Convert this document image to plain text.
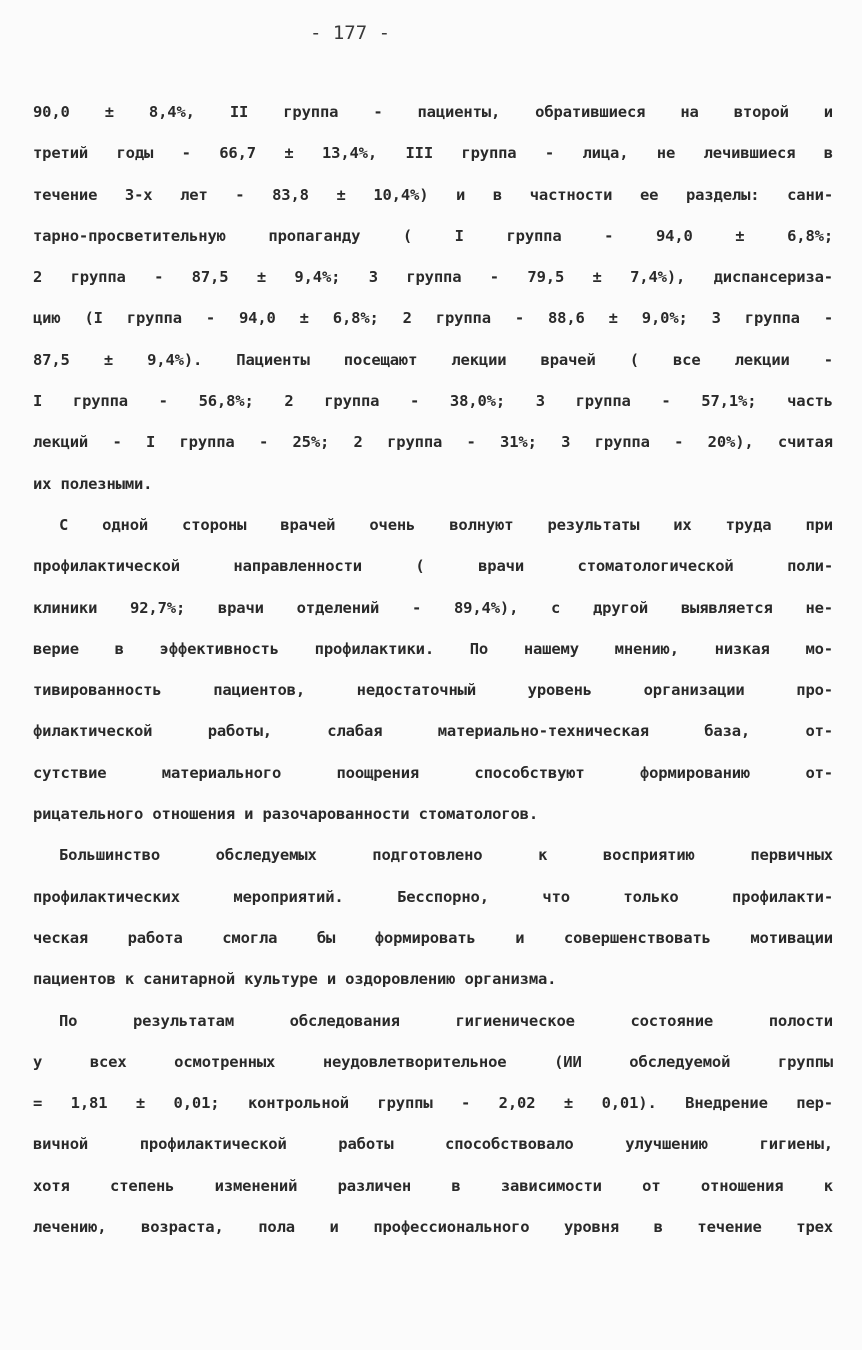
- 177 -
90,0 ± 8,4%, II группа - пациенты, обратившиеся на второй и
третий годы - 66,7 ± 13,4%, III группа - лица, не лечившиеся в
течение 3-х лет - 83,8 ± 10,4%) и в частности ее разделы: сани-
тарно-просветительную пропаганду ( I группа - 94,0 ± 6,8%;
2 группа - 87,5 ± 9,4%; 3 группа - 79,5 ± 7,4%), диспансериза-
цию (I группа - 94,0 ± 6,8%; 2 группа - 88,6 ± 9,0%; 3 группа -
87,5 ± 9,4%). Пациенты посещают лекции врачей ( все лекции -
I группа - 56,8%; 2 группа - 38,0%; 3 группа - 57,1%; часть
лекций - I группа - 25%; 2 группа - 31%; 3 группа - 20%), считая
их полезными.
С одной стороны врачей очень волнуют результаты их труда при
профилактической направленности ( врачи стоматологической поли-
клиники 92,7%; врачи отделений - 89,4%), с другой выявляется не-
верие в эффективность профилактики. По нашему мнению, низкая мо-
тивированность пациентов, недостаточный уровень организации про-
филактической работы, слабая материально-техническая база, от-
сутствие материального поощрения способствуют формированию от-
рицательного отношения и разочарованности стоматологов.
Большинство обследуемых подготовлено к восприятию первичных
профилактических мероприятий. Бесспорно, что только профилакти-
ческая работа смогла бы формировать и совершенствовать мотивации
пациентов к санитарной культуре и оздоровлению организма.
По результатам обследования гигиеническое состояние полости
у всех осмотренных неудовлетворительное (ИИ обследуемой группы
= 1,81 ± 0,01; контрольной группы - 2,02 ± 0,01). Внедрение пер-
вичной профилактической работы способствовало улучшению гигиены,
хотя степень изменений различен в зависимости от отношения к
лечению, возраста, пола и профессионального уровня в течение трех
